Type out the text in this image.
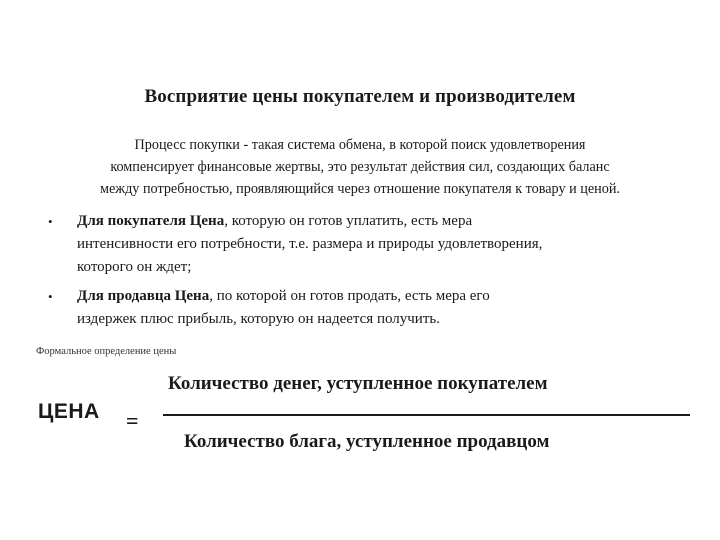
Восприятие цены покупателем и производителем
Процесс покупки - такая система обмена, в которой поиск удовлетворения
компенсирует финансовые жертвы, это результат действия сил, создающих баланс
между потребностью, проявляющийся через отношение покупателя к товару и ценой.
• Для покупателя Цена, которую он готов уплатить, есть мера
интенсивности его потребности, т.е. размера и природы удовлетворения,
которого он ждет;
• Для продавца Цена, по которой он готов продать, есть мера его
издержек плюс прибыль, которую он надеется получить.
Формальное определение цены
Количество денег, уступленное покупателем
ЦЕНА =
Количество блага, уступленное продавцом
